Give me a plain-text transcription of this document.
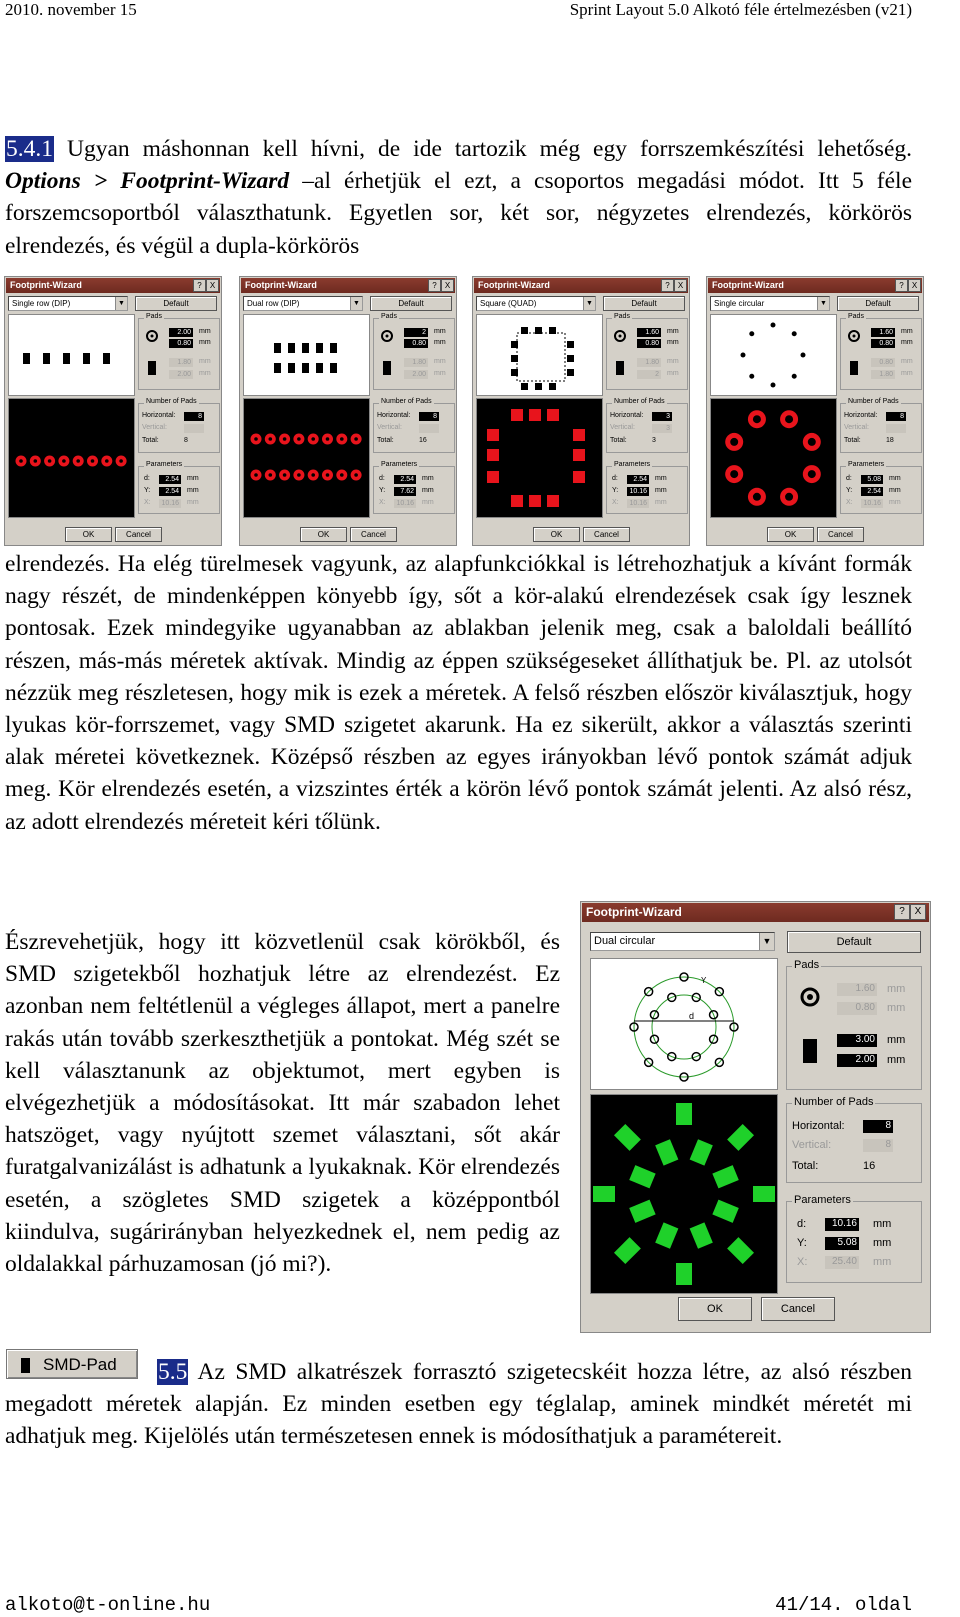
2010. november 15	Sprint Layout 5.0 Alkotó féle értelmezésben (v21)
5.4.1 Ugyan máshonnan kell hívni, de ide tartozik még egy forrszemkészítési lehetőség. Options > Footprint-Wizard –al érhetjük el ezt, a csoportos megadási módot. Itt 5 féle forszemcsoportból választhatunk. Egyetlen sor, két sor, négyzetes elrendezés, körkörös elrendezés, és végül a dupla-körkörös
Footprint-Wizard	?	X
Single row (DIP)	▼	Default
Pads
2.00 mm
0.80 mm
1.80 mm
2.00 mm
Number of Pads
Horizontal:	8
Vertical:
Total:	8
Parameters
d:	2.54 mm
Y:	2.54 mm
X:	10.16 mm
OK	Cancel
Footprint-Wizard	?	X
Dual row (DIP)	▼	Default
Pads
2 mm
0.80 mm
1.80 mm
2.00 mm
Number of Pads
Horizontal:	8
Vertical:
Total:	16
Parameters
d:	2.54 mm
Y:	7.62 mm
X:	10.16 mm
OK	Cancel
Footprint-Wizard	?	X
Square (QUAD)	▼	Default
Pads
1.60 mm
0.80 mm
1.80 mm
2 mm
Number of Pads
Horizontal:	3
Vertical:	3
Total:	3
Parameters
d:	2.54 mm
Y:	10.16 mm
X:	10.16 mm
OK	Cancel
Footprint-Wizard	?	X
Single circular	▼	Default
Pads
1.60 mm
0.80 mm
0.80 mm
1.80 mm
Number of Pads
Horizontal:	8
Vertical:
Total:	18
Parameters
d:	5.08 mm
Y:	2.54 mm
X:	10.16 mm
OK	Cancel
elrendezés. Ha elég türelmesek vagyunk, az alapfunkciókkal is létrehozhatjuk a kívánt formák nagy részét, de mindenképpen könyebb így, sőt a kör-alakú elrendezések csak így lesznek pontosak. Ezek mindegyike ugyanabban az ablakban jelenik meg, csak a baloldali beállító részen, más-más méretek aktívak. Mindig az éppen szükségeseket állíthatjuk be. Pl. az utolsót nézzük meg részletesen, hogy mik is ezek a méretek. A felső részben először kiválasztjuk, hogy lyukas kör-forrszemet, vagy SMD szigetet akarunk. Ha ez sikerült, akkor a választás szerinti alak méretei következnek. Középső részben az egyes irányokban lévő pontok számát adjuk meg. Kör elrendezés esetén, a vizszintes érték a körön lévő pontok számát jelenti. Az alsó rész, az adott elrendezés méreteit kéri tőlünk.
Észrevehetjük, hogy itt közvetlenül csak körökből, és SMD szigetekből hozhatjuk létre az elrendezést. Ez azonban nem feltétlenül a végleges állapot, mert a panelre rakás után tovább szerkeszthetjük a pontokat. Még szét se kell választanunk az objektumot, mert egyben is elvégezhetjük a módosításokat. Itt már szabadon lehet hatszöget, vagy nyújtott szemet választani, sőt akár furatgalvanizálást is adhatunk a lyukaknak. Kör elrendezés esetén, a szögletes SMD szigetek a középpontból kiindulva, sugárirányban helyezkednek el, nem pedig az oldalakkal párhuzamosan (jó mi?).
Footprint-Wizard	? X
Dual circular	▼	Default
d
Y
Pads
1.60 mm
0.80 mm
3.00 mm
2.00 mm
Number of Pads
Horizontal:	8
Vertical:	8
Total:	16
Parameters
d:	10.16 mm
Y:	5.08 mm
X:	25.40 mm
OK	Cancel
SMD-Pad	5.5 Az SMD alkatrészek forrasztó szigetecskéit hozza létre, az alsó részben megadott méretek alapján. Ez minden esetben egy téglalap, aminek mindkét méretét mi adhatjuk meg. Kijelölés után természetesen ennek is módosíthatjuk a paramétereit.
alkoto@t-online.hu	41/14. oldal
